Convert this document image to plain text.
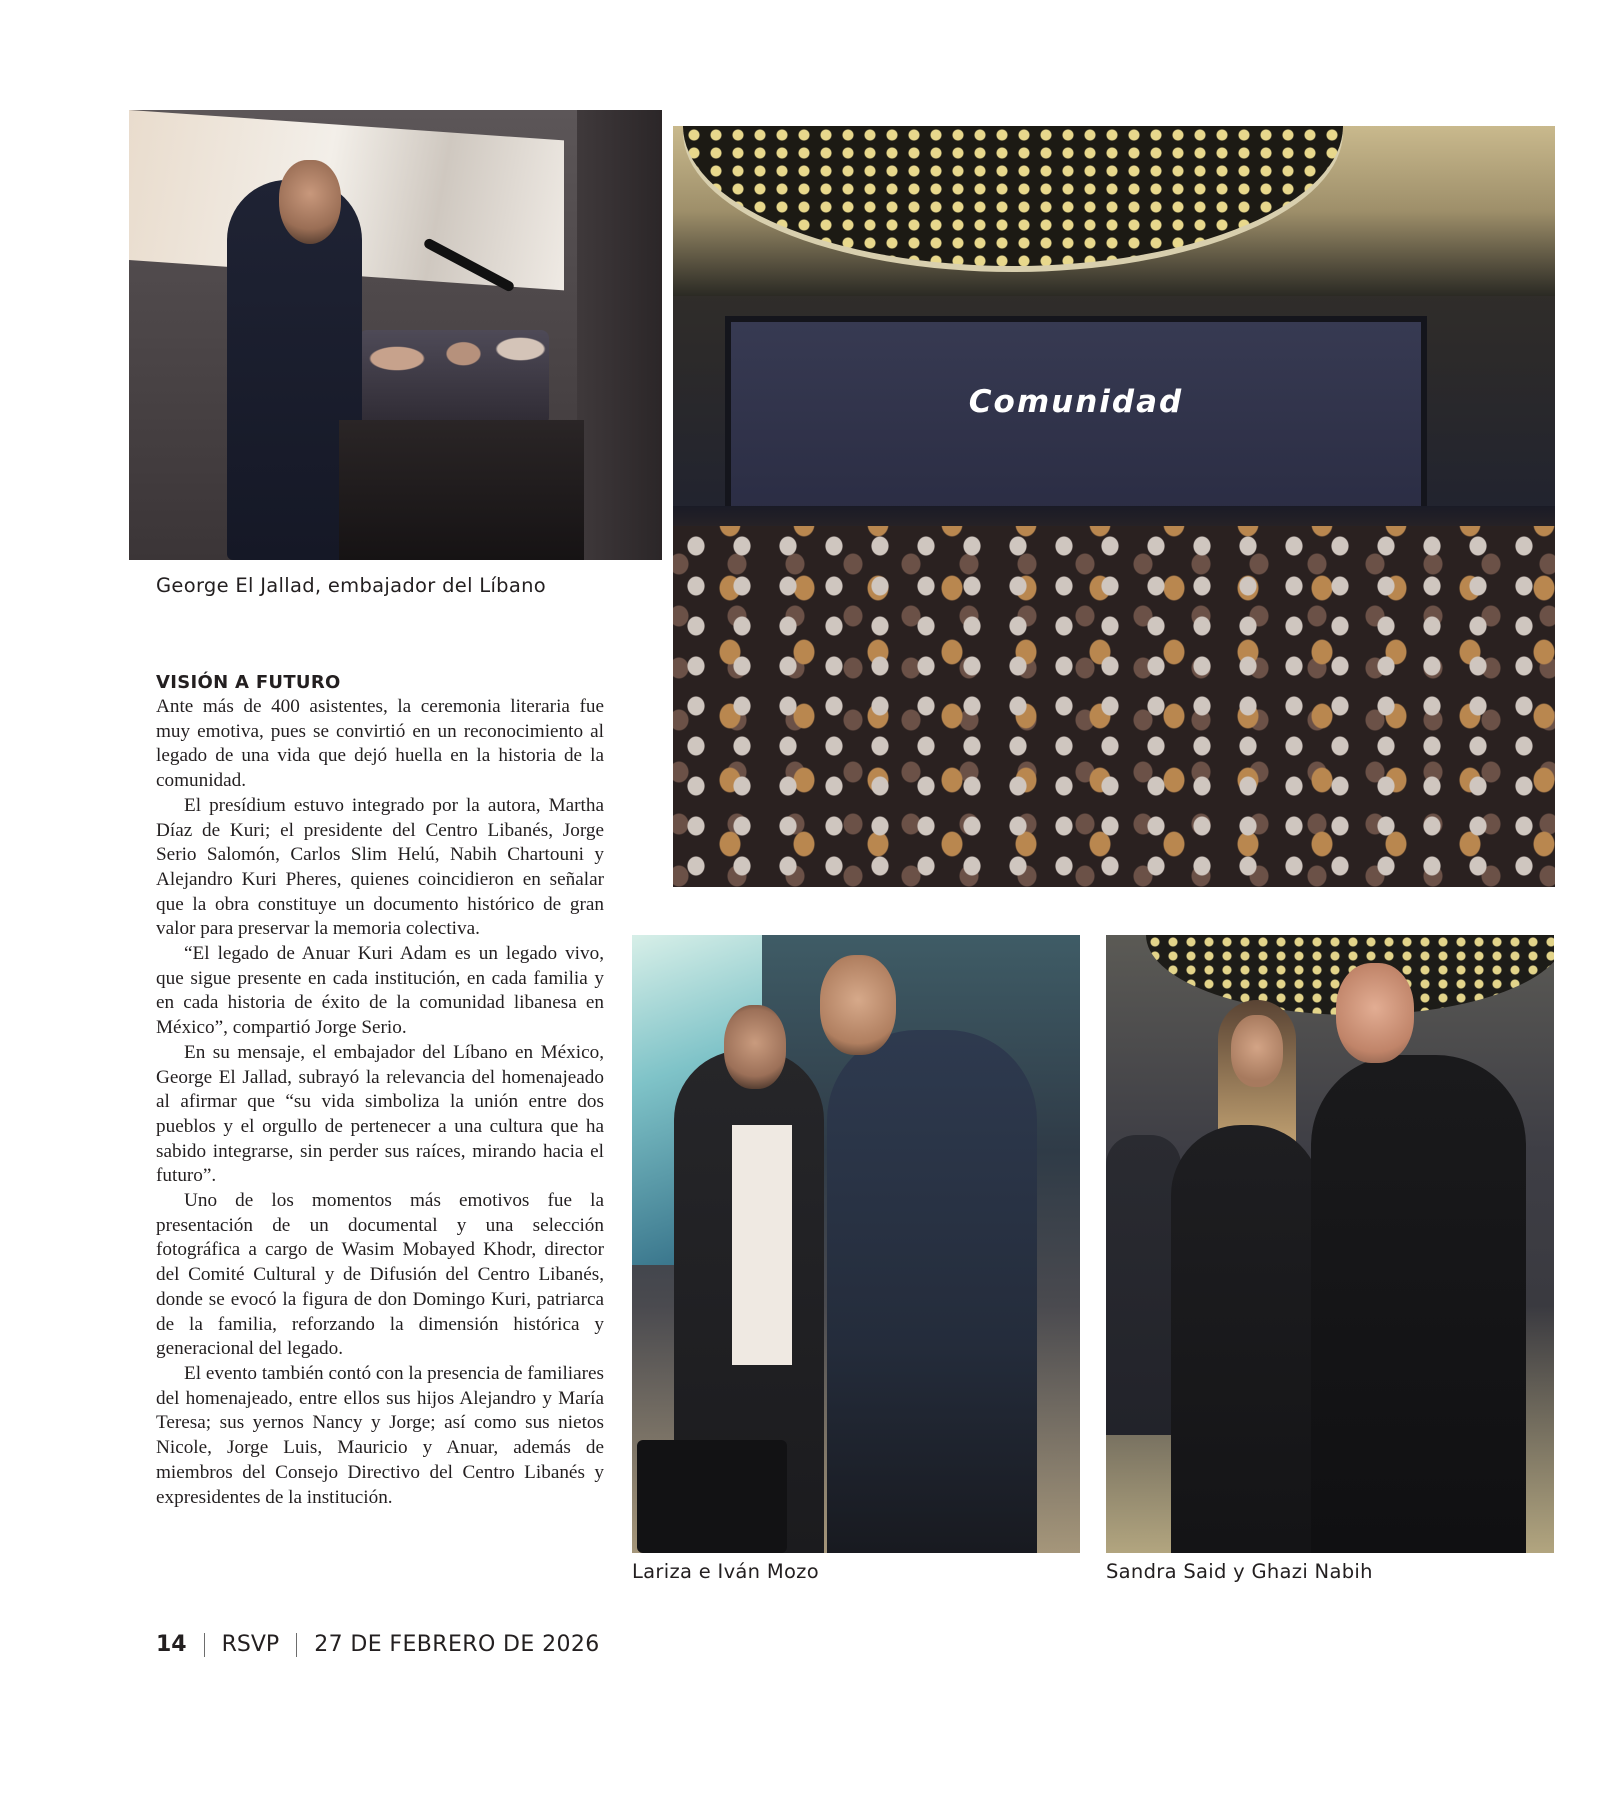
George El Jallad, embajador del Líbano
Comunidad
Lariza e Iván Mozo	Sandra Said y Ghazi Nabih
VISIÓN A FUTURO

Ante más de 400 asistentes, la ceremonia literaria fue muy emotiva, pues se convirtió en un reconocimiento al legado de una vida que dejó huella en la historia de la comunidad.

El presídium estuvo integrado por la autora, Martha Díaz de Kuri; el presidente del Centro Libanés, Jorge Serio Salomón, Carlos Slim Helú, Nabih Chartouni y Alejandro Kuri Pheres, quienes coincidieron en señalar que la obra constituye un documento histórico de gran valor para preservar la memoria colectiva.

“El legado de Anuar Kuri Adam es un legado vivo, que sigue presente en cada institución, en cada familia y en cada historia de éxito de la comunidad libanesa en México”, compartió Jorge Serio.

En su mensaje, el embajador del Líbano en México, George El Jallad, subrayó la relevancia del homenajeado al afirmar que “su vida simboliza la unión entre dos pueblos y el orgullo de pertenecer a una cultura que ha sabido integrarse, sin perder sus raíces, mirando hacia el futuro”.

Uno de los momentos más emotivos fue la presentación de un documental y una selección fotográfica a cargo de Wasim Mobayed Khodr, director del Comité Cultural y de Difusión del Centro Libanés, donde se evocó la figura de don Domingo Kuri, patriarca de la familia, reforzando la dimensión histórica y generacional del legado.

El evento también contó con la presencia de familiares del homenajeado, entre ellos sus hijos Alejandro y María Teresa; sus yernos Nancy y Jorge; así como sus nietos Nicole, Jorge Luis, Mauricio y Anuar, además de miembros del Consejo Directivo del Centro Libanés y expresidentes de la institución.

14 RSVP 27 DE FEBRERO DE 2026
